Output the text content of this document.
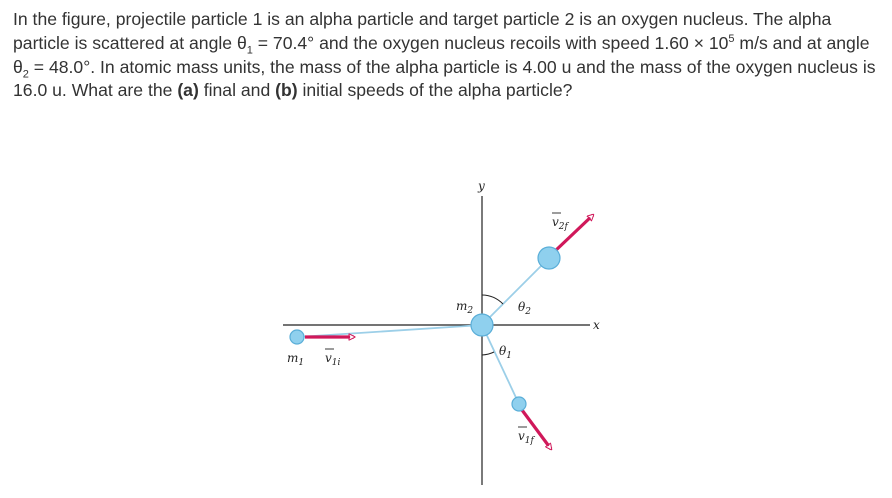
In the figure, projectile particle 1 is an alpha particle and target particle 2 is an oxygen nucleus. The alpha particle is scattered at angle $\theta_1 = 70.4^\circ$ and the oxygen nucleus recoils with speed $1.60 \times 10^5$ m/s and at angle $\theta_2 = 48.0^\circ$. In atomic mass units, the mass of the alpha particle is 4.00 u and the mass of the oxygen nucleus is 16.0 u. What are the (a) final and (b) initial speeds of the alpha particle?

x
y
$m_1$ $v_{1i}$
$m_2$
$v_{2f}$
$v_{1f}$
$\theta_2$
$\theta_1$
